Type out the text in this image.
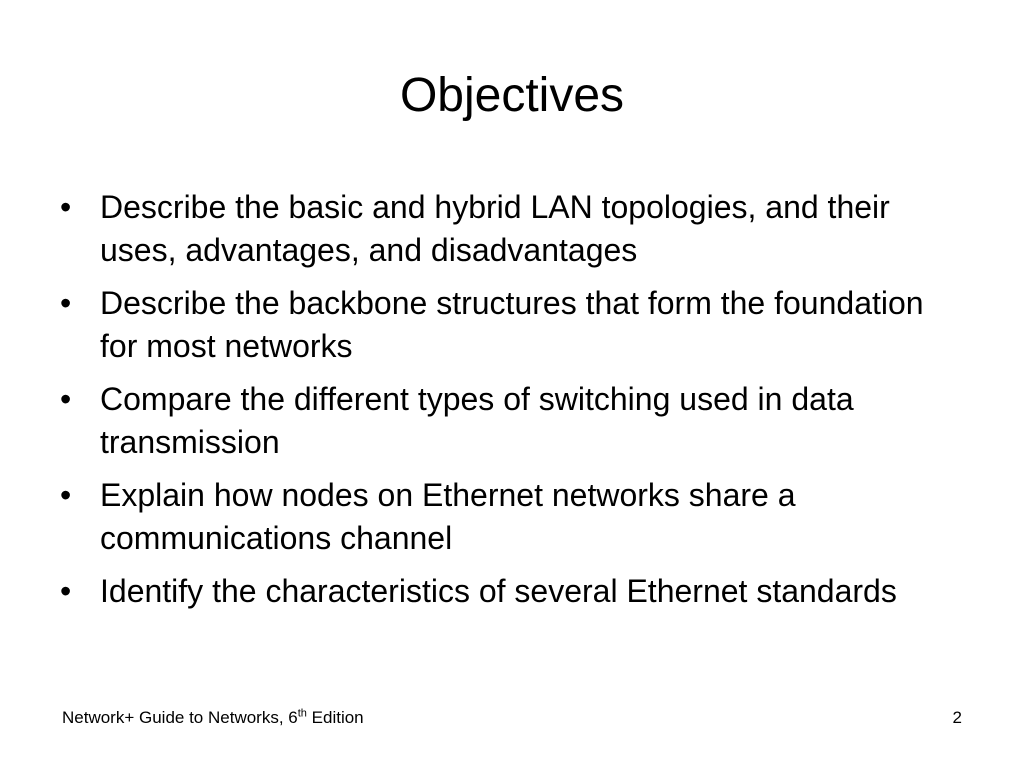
Objectives
• Describe the basic and hybrid LAN topologies, and their uses, advantages, and disadvantages
• Describe the backbone structures that form the foundation for most networks
• Compare the different types of switching used in data transmission
• Explain how nodes on Ethernet networks share a communications channel
• Identify the characteristics of several Ethernet standards
Network+ Guide to Networks, 6th Edition	2
